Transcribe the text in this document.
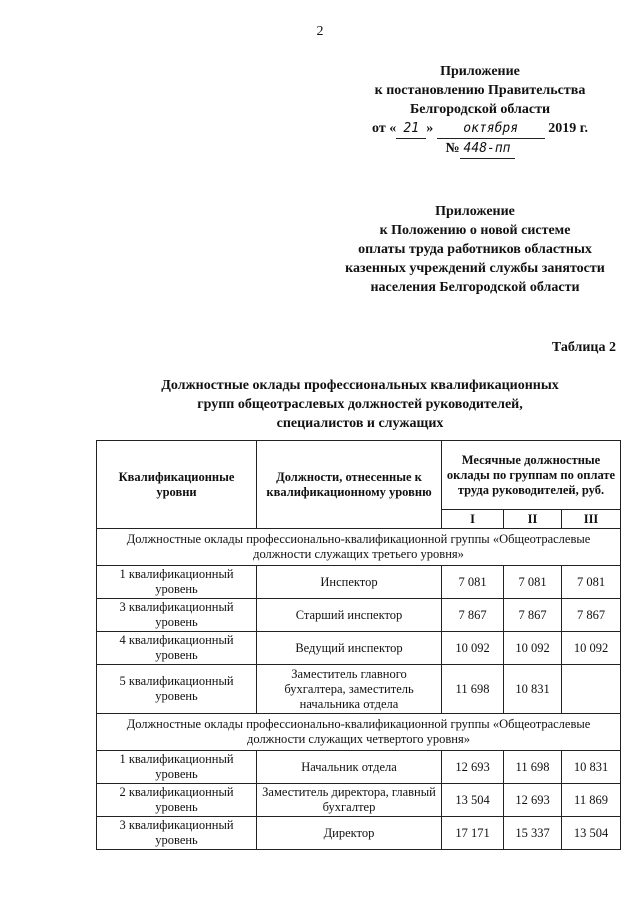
2
Приложение
к постановлению Правительства
Белгородской области
от « 21 » октября 2019 г.
№ 448-пп
Приложение
к Положению о новой системе
оплаты труда работников областных
казенных учреждений службы занятости
населения Белгородской области
Таблица 2
Должностные оклады профессиональных квалификационных
групп общеотраслевых должностей руководителей,
специалистов и служащих
Квалификационные уровни	Должности, отнесенные к квалификационному уровню	Месячные должностные оклады по группам по оплате труда руководителей, руб.		
		I	II	III
Должностные оклады профессионально-квалификационной группы «Общеотраслевые должности служащих третьего уровня»				
1 квалификационный уровень	Инспектор	7 081	7 081	7 081
3 квалификационный уровень	Старший инспектор	7 867	7 867	7 867
4 квалификационный уровень	Ведущий инспектор	10 092	10 092	10 092
5 квалификационный уровень	Заместитель главного бухгалтера, заместитель начальника отдела	11 698	10 831	
Должностные оклады профессионально-квалификационной группы «Общеотраслевые должности служащих четвертого уровня»				
1 квалификационный уровень	Начальник отдела	12 693	11 698	10 831
2 квалификационный уровень	Заместитель директора, главный бухгалтер	13 504	12 693	11 869
3 квалификационный уровень	Директор	17 171	15 337	13 504
